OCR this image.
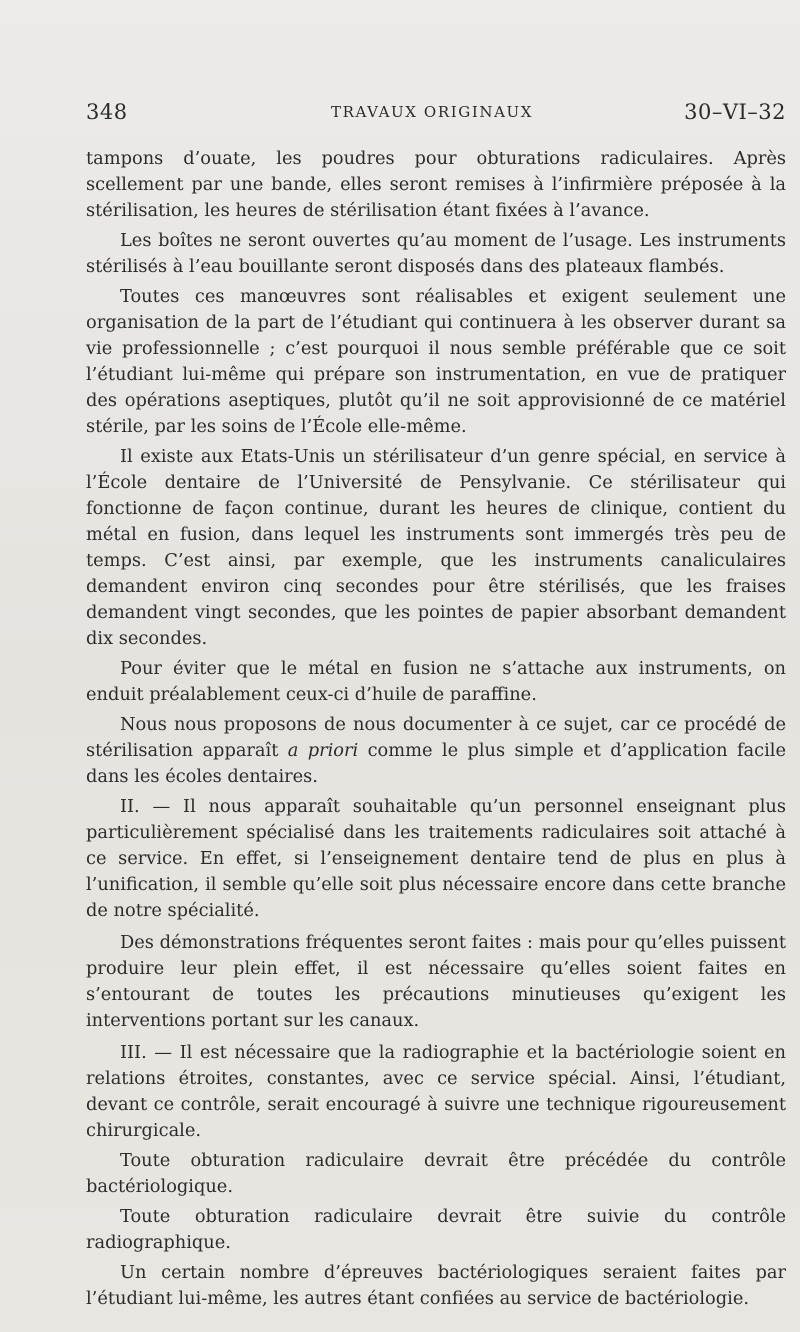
348	TRAVAUX ORIGINAUX	30–VI–32

tampons d’ouate, les poudres pour obturations radiculaires. Après scellement par une bande, elles seront remises à l’infirmière préposée à la stérilisation, les heures de stérilisation étant fixées à l’avance.

Les boîtes ne seront ouvertes qu’au moment de l’usage. Les instruments stérilisés à l’eau bouillante seront disposés dans des plateaux flambés.

Toutes ces manœuvres sont réalisables et exigent seulement une organisation de la part de l’étudiant qui continuera à les observer durant sa vie professionnelle ; c’est pourquoi il nous semble préférable que ce soit l’étudiant lui-même qui prépare son instrumentation, en vue de pratiquer des opérations aseptiques, plutôt qu’il ne soit approvisionné de ce matériel stérile, par les soins de l’École elle-même.

Il existe aux Etats-Unis un stérilisateur d’un genre spécial, en service à l’École dentaire de l’Université de Pensylvanie. Ce stérilisateur qui fonctionne de façon continue, durant les heures de clinique, contient du métal en fusion, dans lequel les instruments sont immergés très peu de temps. C’est ainsi, par exemple, que les instruments canaliculaires demandent environ cinq secondes pour être stérilisés, que les fraises demandent vingt secondes, que les pointes de papier absorbant demandent dix secondes.

Pour éviter que le métal en fusion ne s’attache aux instruments, on enduit préalablement ceux-ci d’huile de paraffine.

Nous nous proposons de nous documenter à ce sujet, car ce procédé de stérilisation apparaît a priori comme le plus simple et d’application facile dans les écoles dentaires.

II. — Il nous apparaît souhaitable qu’un personnel enseignant plus particulièrement spécialisé dans les traitements radiculaires soit attaché à ce service. En effet, si l’enseignement dentaire tend de plus en plus à l’unification, il semble qu’elle soit plus nécessaire encore dans cette branche de notre spécialité.

Des démonstrations fréquentes seront faites : mais pour qu’elles puissent produire leur plein effet, il est nécessaire qu’elles soient faites en s’entourant de toutes les précautions minutieuses qu’exigent les interventions portant sur les canaux.

III. — Il est nécessaire que la radiographie et la bactériologie soient en relations étroites, constantes, avec ce service spécial. Ainsi, l’étudiant, devant ce contrôle, serait encouragé à suivre une technique rigoureusement chirurgicale.

Toute obturation radiculaire devrait être précédée du contrôle bactériologique.

Toute obturation radiculaire devrait être suivie du contrôle radiographique.

Un certain nombre d’épreuves bactériologiques seraient faites par l’étudiant lui-même, les autres étant confiées au service de bactériologie.
